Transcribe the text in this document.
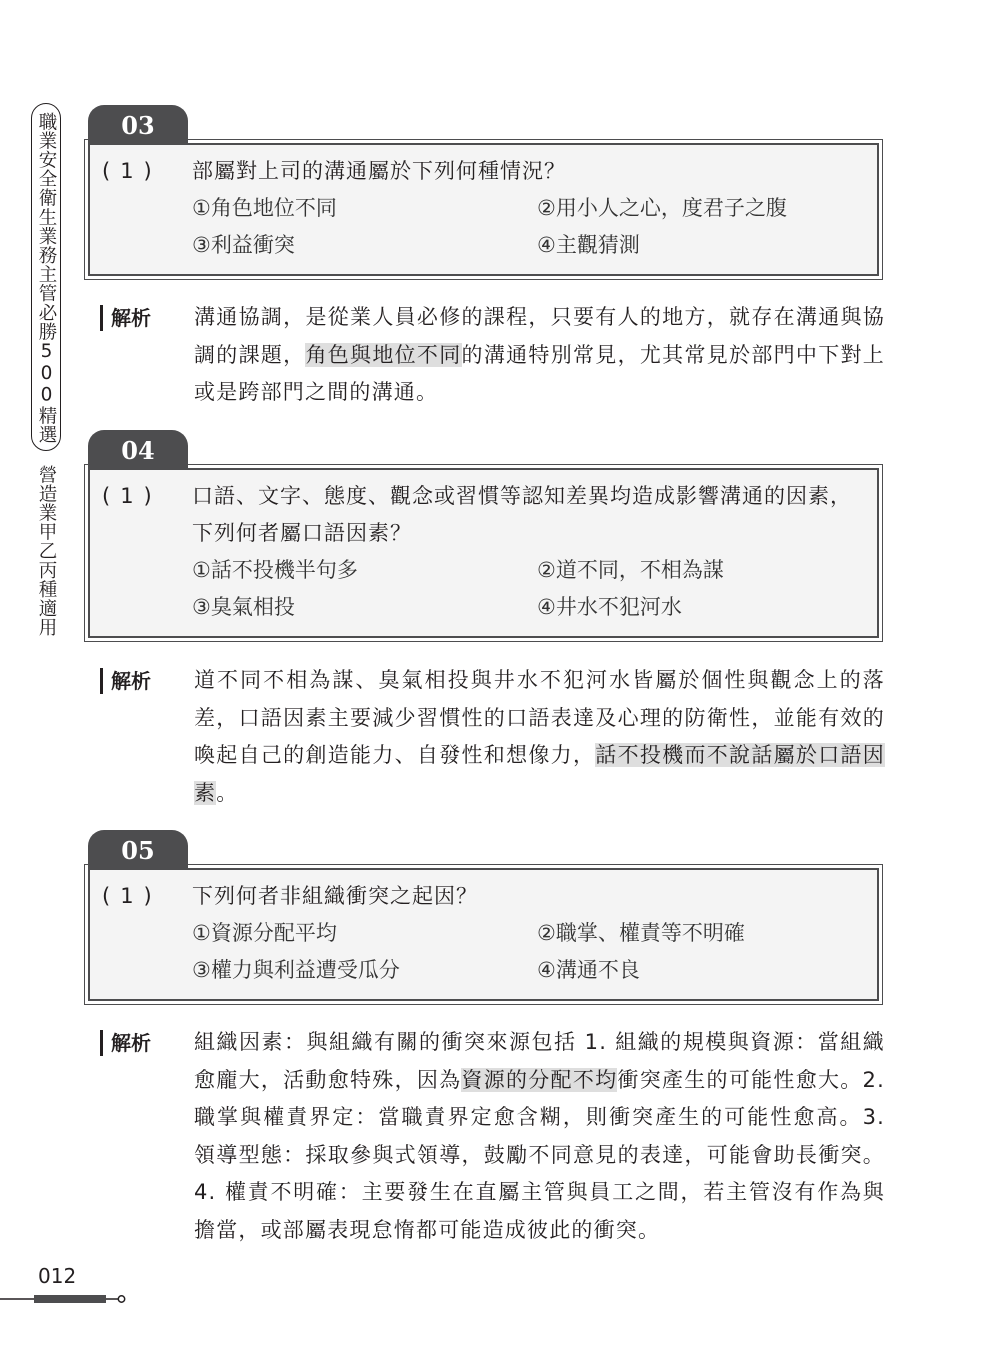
職業安全衛生業務主管必勝500精選
營造業甲乙丙種適用
03
(1)	部屬對上司的溝通屬於下列何種情況？
①角色地位不同	②用小人之心，度君子之腹
③利益衝突	④主觀猜測
解析	溝通協調，是從業人員必修的課程，只要有人的地方，就存在溝通與協調的課題，角色與地位不同的溝通特別常見，尤其常見於部門中下對上或是跨部門之間的溝通。
04
(1)	口語、文字、態度、觀念或習慣等認知差異均造成影響溝通的因素，下列何者屬口語因素？
①話不投機半句多	②道不同，不相為謀
③臭氣相投	④井水不犯河水
解析	道不同不相為謀、臭氣相投與井水不犯河水皆屬於個性與觀念上的落差，口語因素主要減少習慣性的口語表達及心理的防衛性，並能有效的喚起自己的創造能力、自發性和想像力，話不投機而不說話屬於口語因素。
05
(1)	下列何者非組織衝突之起因？
①資源分配平均	②職掌、權責等不明確
③權力與利益遭受瓜分	④溝通不良
解析	組織因素：與組織有關的衝突來源包括 1. 組織的規模與資源：當組織愈龐大，活動愈特殊，因為資源的分配不均衝突產生的可能性愈大。2. 職掌與權責界定：當職責界定愈含糊，則衝突產生的可能性愈高。3. 領導型態：採取參與式領導，鼓勵不同意見的表達，可能會助長衝突。4. 權責不明確：主要發生在直屬主管與員工之間，若主管沒有作為與擔當，或部屬表現怠惰都可能造成彼此的衝突。
012
